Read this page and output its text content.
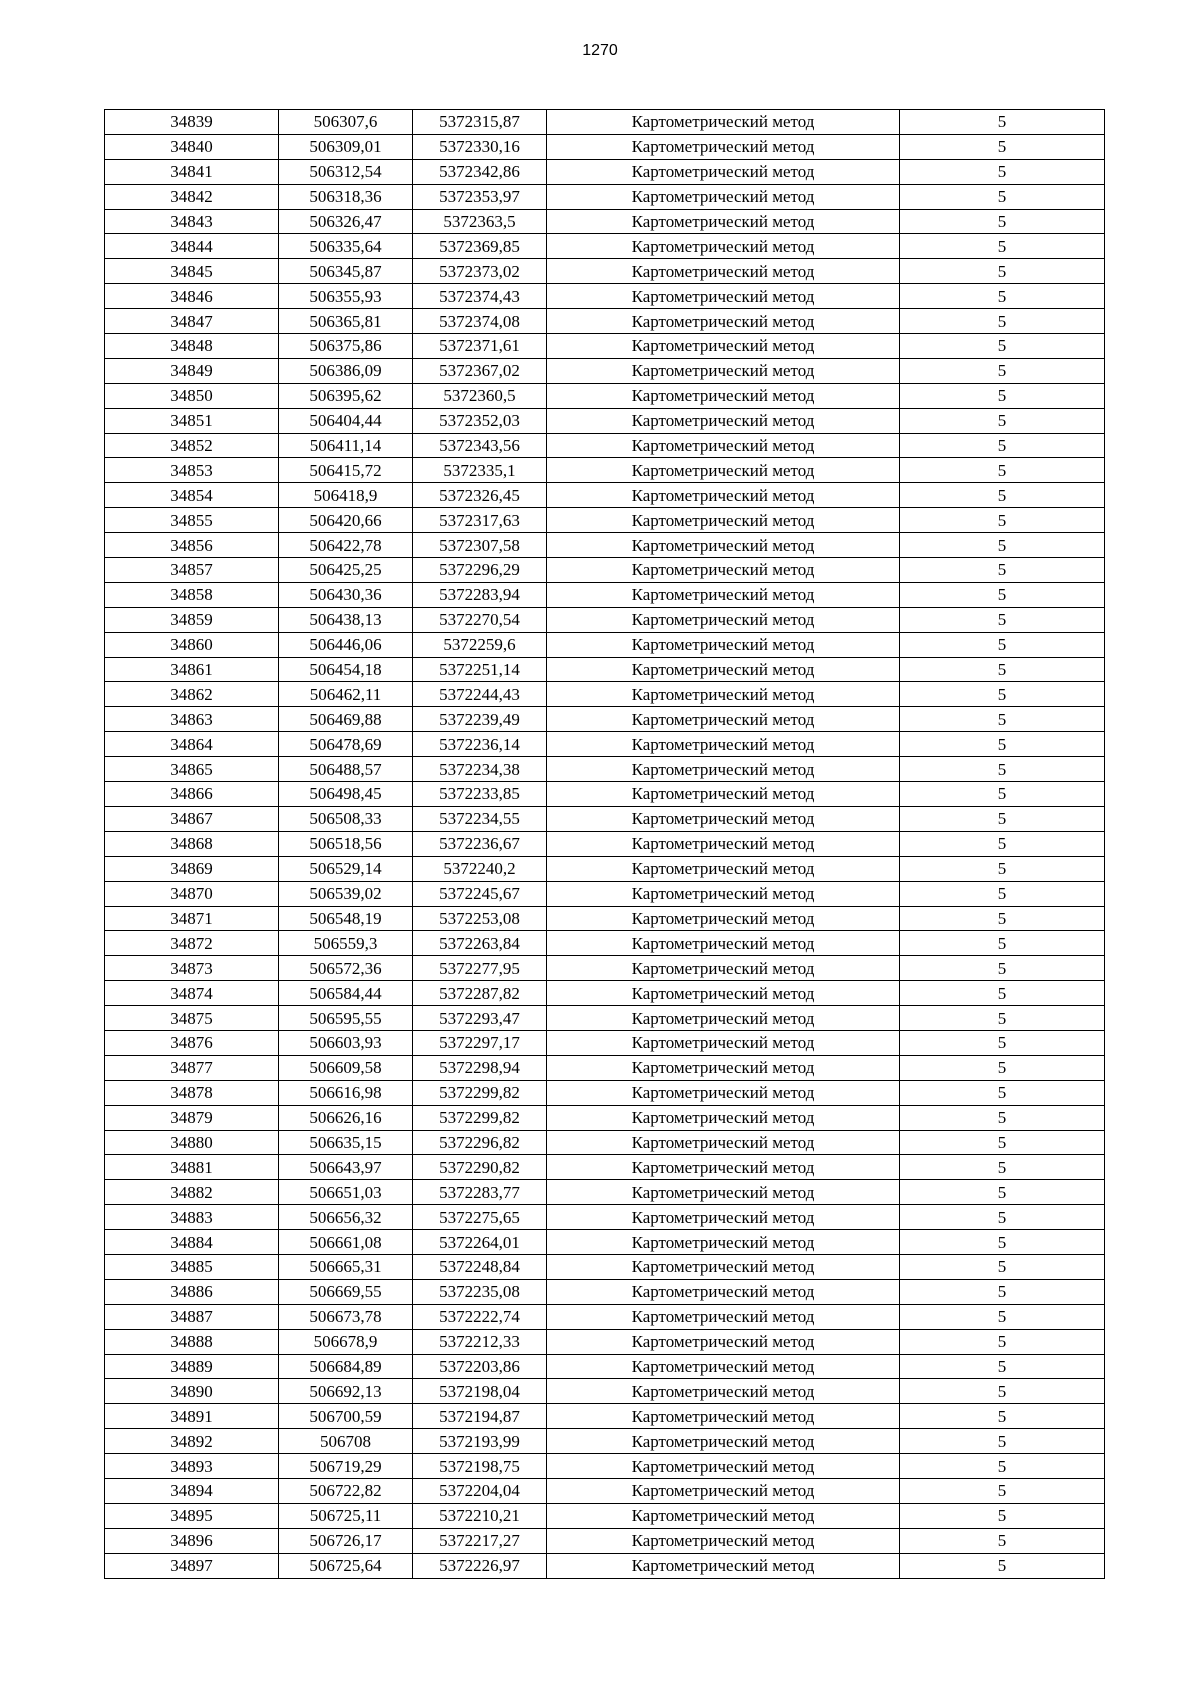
1270
34839	506307,6	5372315,87	Картометрический метод	5
34840	506309,01	5372330,16	Картометрический метод	5
34841	506312,54	5372342,86	Картометрический метод	5
34842	506318,36	5372353,97	Картометрический метод	5
34843	506326,47	5372363,5	Картометрический метод	5
34844	506335,64	5372369,85	Картометрический метод	5
34845	506345,87	5372373,02	Картометрический метод	5
34846	506355,93	5372374,43	Картометрический метод	5
34847	506365,81	5372374,08	Картометрический метод	5
34848	506375,86	5372371,61	Картометрический метод	5
34849	506386,09	5372367,02	Картометрический метод	5
34850	506395,62	5372360,5	Картометрический метод	5
34851	506404,44	5372352,03	Картометрический метод	5
34852	506411,14	5372343,56	Картометрический метод	5
34853	506415,72	5372335,1	Картометрический метод	5
34854	506418,9	5372326,45	Картометрический метод	5
34855	506420,66	5372317,63	Картометрический метод	5
34856	506422,78	5372307,58	Картометрический метод	5
34857	506425,25	5372296,29	Картометрический метод	5
34858	506430,36	5372283,94	Картометрический метод	5
34859	506438,13	5372270,54	Картометрический метод	5
34860	506446,06	5372259,6	Картометрический метод	5
34861	506454,18	5372251,14	Картометрический метод	5
34862	506462,11	5372244,43	Картометрический метод	5
34863	506469,88	5372239,49	Картометрический метод	5
34864	506478,69	5372236,14	Картометрический метод	5
34865	506488,57	5372234,38	Картометрический метод	5
34866	506498,45	5372233,85	Картометрический метод	5
34867	506508,33	5372234,55	Картометрический метод	5
34868	506518,56	5372236,67	Картометрический метод	5
34869	506529,14	5372240,2	Картометрический метод	5
34870	506539,02	5372245,67	Картометрический метод	5
34871	506548,19	5372253,08	Картометрический метод	5
34872	506559,3	5372263,84	Картометрический метод	5
34873	506572,36	5372277,95	Картометрический метод	5
34874	506584,44	5372287,82	Картометрический метод	5
34875	506595,55	5372293,47	Картометрический метод	5
34876	506603,93	5372297,17	Картометрический метод	5
34877	506609,58	5372298,94	Картометрический метод	5
34878	506616,98	5372299,82	Картометрический метод	5
34879	506626,16	5372299,82	Картометрический метод	5
34880	506635,15	5372296,82	Картометрический метод	5
34881	506643,97	5372290,82	Картометрический метод	5
34882	506651,03	5372283,77	Картометрический метод	5
34883	506656,32	5372275,65	Картометрический метод	5
34884	506661,08	5372264,01	Картометрический метод	5
34885	506665,31	5372248,84	Картометрический метод	5
34886	506669,55	5372235,08	Картометрический метод	5
34887	506673,78	5372222,74	Картометрический метод	5
34888	506678,9	5372212,33	Картометрический метод	5
34889	506684,89	5372203,86	Картометрический метод	5
34890	506692,13	5372198,04	Картометрический метод	5
34891	506700,59	5372194,87	Картометрический метод	5
34892	506708	5372193,99	Картометрический метод	5
34893	506719,29	5372198,75	Картометрический метод	5
34894	506722,82	5372204,04	Картометрический метод	5
34895	506725,11	5372210,21	Картометрический метод	5
34896	506726,17	5372217,27	Картометрический метод	5
34897	506725,64	5372226,97	Картометрический метод	5
